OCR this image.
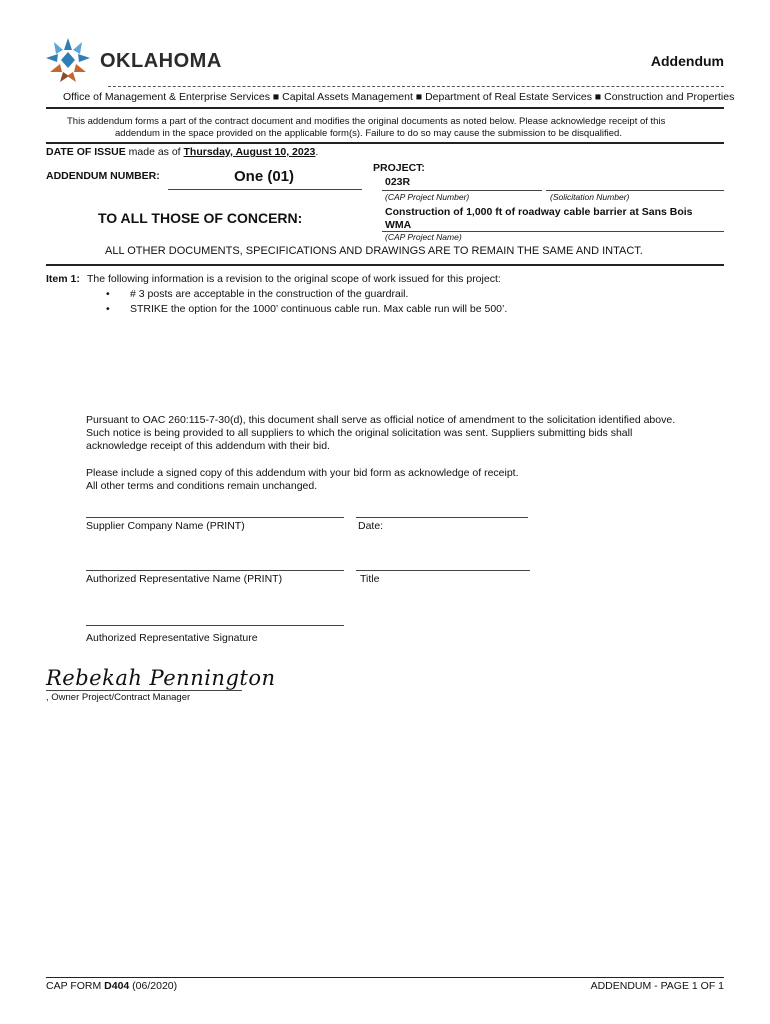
OKLAHOMA	Addendum
Office of Management & Enterprise Services ■ Capital Assets Management ■ Department of Real Estate Services ■ Construction and Properties
This addendum forms a part of the contract document and modifies the original documents as noted below. Please acknowledge receipt of this
addendum in the space provided on the applicable form(s). Failure to do so may cause the submission to be disqualified.
DATE OF ISSUE made as of Thursday, August 10, 2023.
ADDENDUM NUMBER:	One (01)	PROJECT:
023R
(CAP Project Number)	(Solicitation Number)
TO ALL THOSE OF CONCERN:	Construction of 1,000 ft of roadway cable barrier at Sans Bois
WMA
(CAP Project Name)
ALL OTHER DOCUMENTS, SPECIFICATIONS AND DRAWINGS ARE TO REMAIN THE SAME AND INTACT.
Item 1: The following information is a revision to the original scope of work issued for this project:
• # 3 posts are acceptable in the construction of the guardrail.
• STRIKE the option for the 1000’ continuous cable run. Max cable run will be 500’.
Pursuant to OAC 260:115-7-30(d), this document shall serve as official notice of amendment to the solicitation identified above.
Such notice is being provided to all suppliers to which the original solicitation was sent. Suppliers submitting bids shall
acknowledge receipt of this addendum with their bid.
Please include a signed copy of this addendum with your bid form as acknowledge of receipt.
All other terms and conditions remain unchanged.
Supplier Company Name (PRINT)	Date:
Authorized Representative Name (PRINT)	Title
Authorized Representative Signature
Rebekah Pennington
, Owner Project/Contract Manager
CAP FORM D404 (06/2020)	ADDENDUM - PAGE 1 OF 1
